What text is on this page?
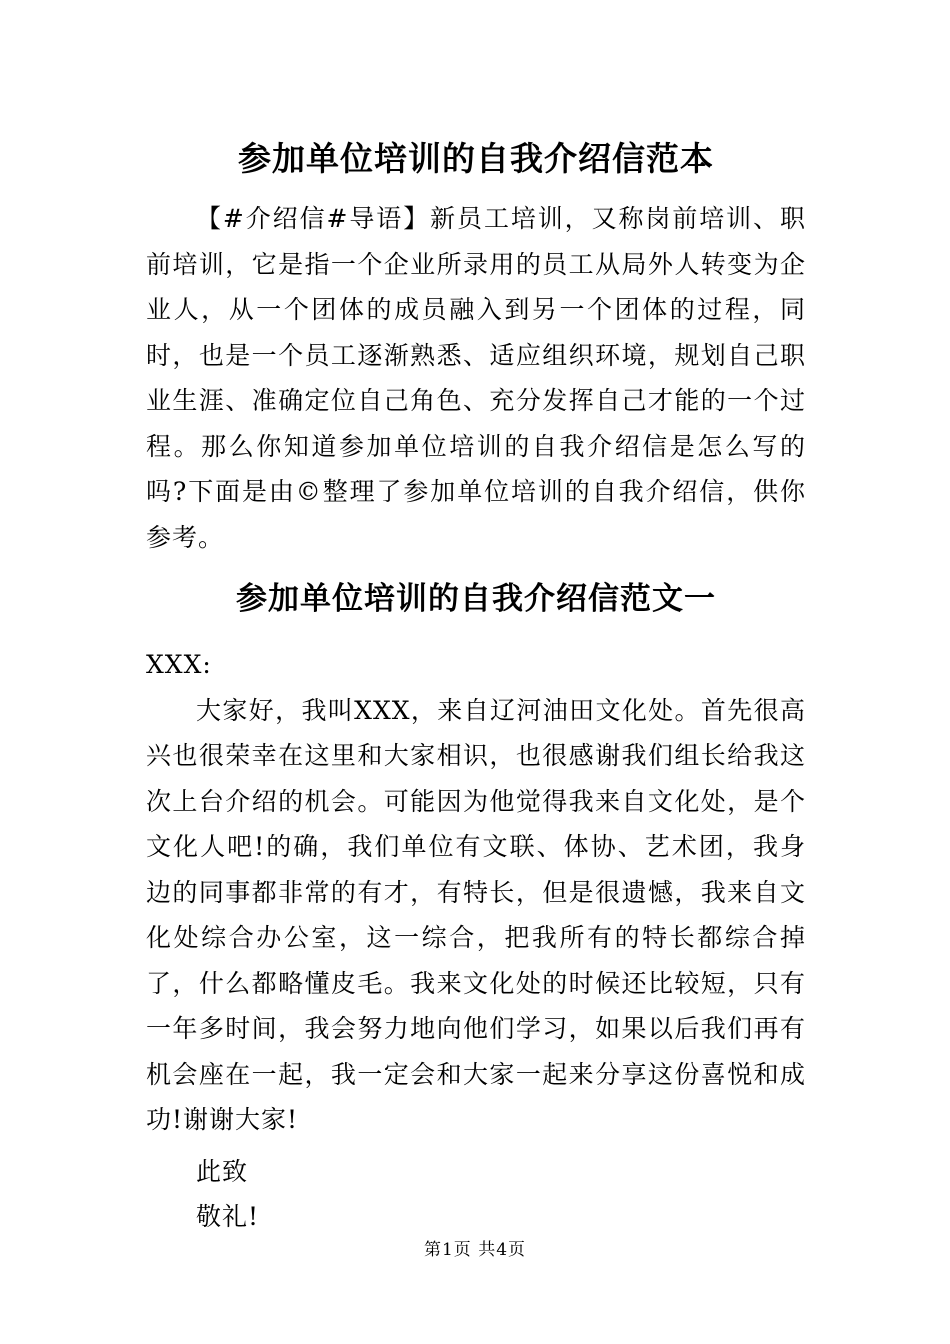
参加单位培训的自我介绍信范本

【#介绍信#导语】新员工培训，又称岗前培训、职前培训，它是指一个企业所录用的员工从局外人转变为企业人，从一个团体的成员融入到另一个团体的过程，同时，也是一个员工逐渐熟悉、适应组织环境，规划自己职业生涯、准确定位自己角色、充分发挥自己才能的一个过程。那么你知道参加单位培训的自我介绍信是怎么写的吗?下面是由©整理了参加单位培训的自我介绍信，供你参考。

参加单位培训的自我介绍信范文一

XXX:

大家好，我叫XXX，来自辽河油田文化处。首先很高兴也很荣幸在这里和大家相识，也很感谢我们组长给我这次上台介绍的机会。可能因为他觉得我来自文化处，是个文化人吧!的确，我们单位有文联、体协、艺术团，我身边的同事都非常的有才，有特长，但是很遗憾，我来自文化处综合办公室，这一综合，把我所有的特长都综合掉了，什么都略懂皮毛。我来文化处的时候还比较短，只有一年多时间，我会努力地向他们学习，如果以后我们再有机会座在一起，我一定会和大家一起来分享这份喜悦和成功!谢谢大家!

此致

敬礼!

第1页 共4页
